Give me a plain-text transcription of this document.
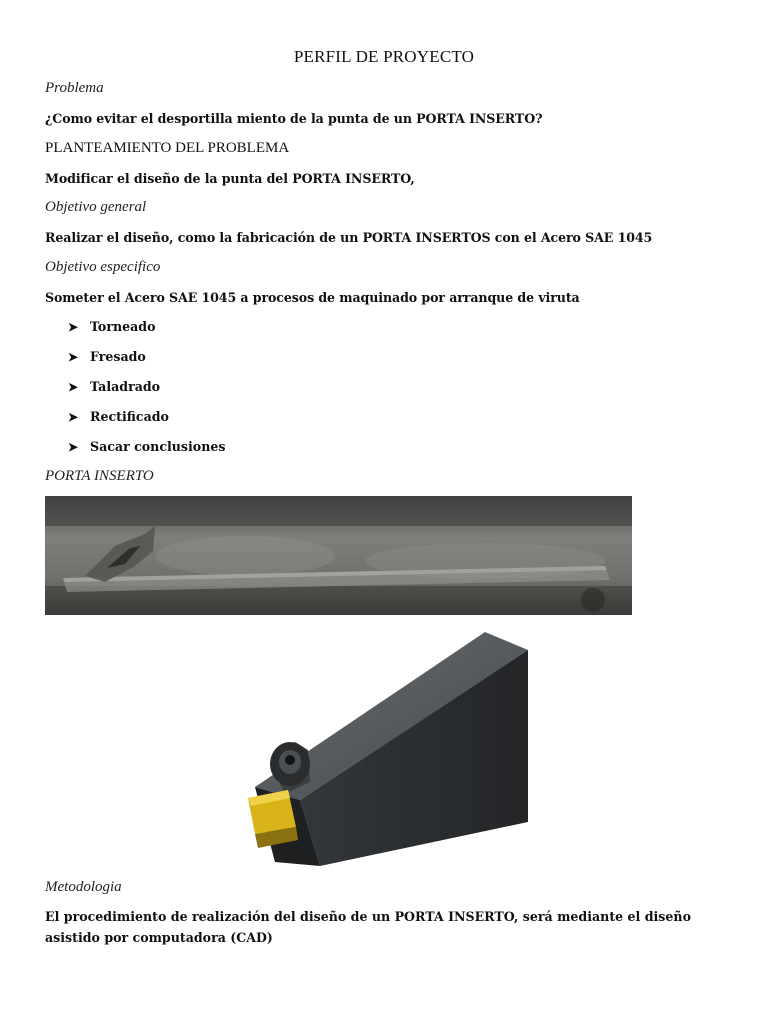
PERFIL DE PROYECTO
Problema
¿Como evitar el desportilla miento de la punta de un PORTA INSERTO?
PLANTEAMIENTO DEL PROBLEMA
Modificar el diseño de la punta del PORTA INSERTO,
Objetivo general
Realizar el diseño, como la fabricación de un PORTA INSERTOS con el Acero SAE 1045
Objetivo especifico
Someter el Acero SAE 1045 a procesos de maquinado por arranque de viruta
➤ Torneado
➤ Fresado
➤ Taladrado
➤ Rectificado
➤ Sacar conclusiones
PORTA INSERTO
Metodologia
El procedimiento de realización del diseño de un PORTA INSERTO, será mediante el diseño asistido por computadora (CAD)
